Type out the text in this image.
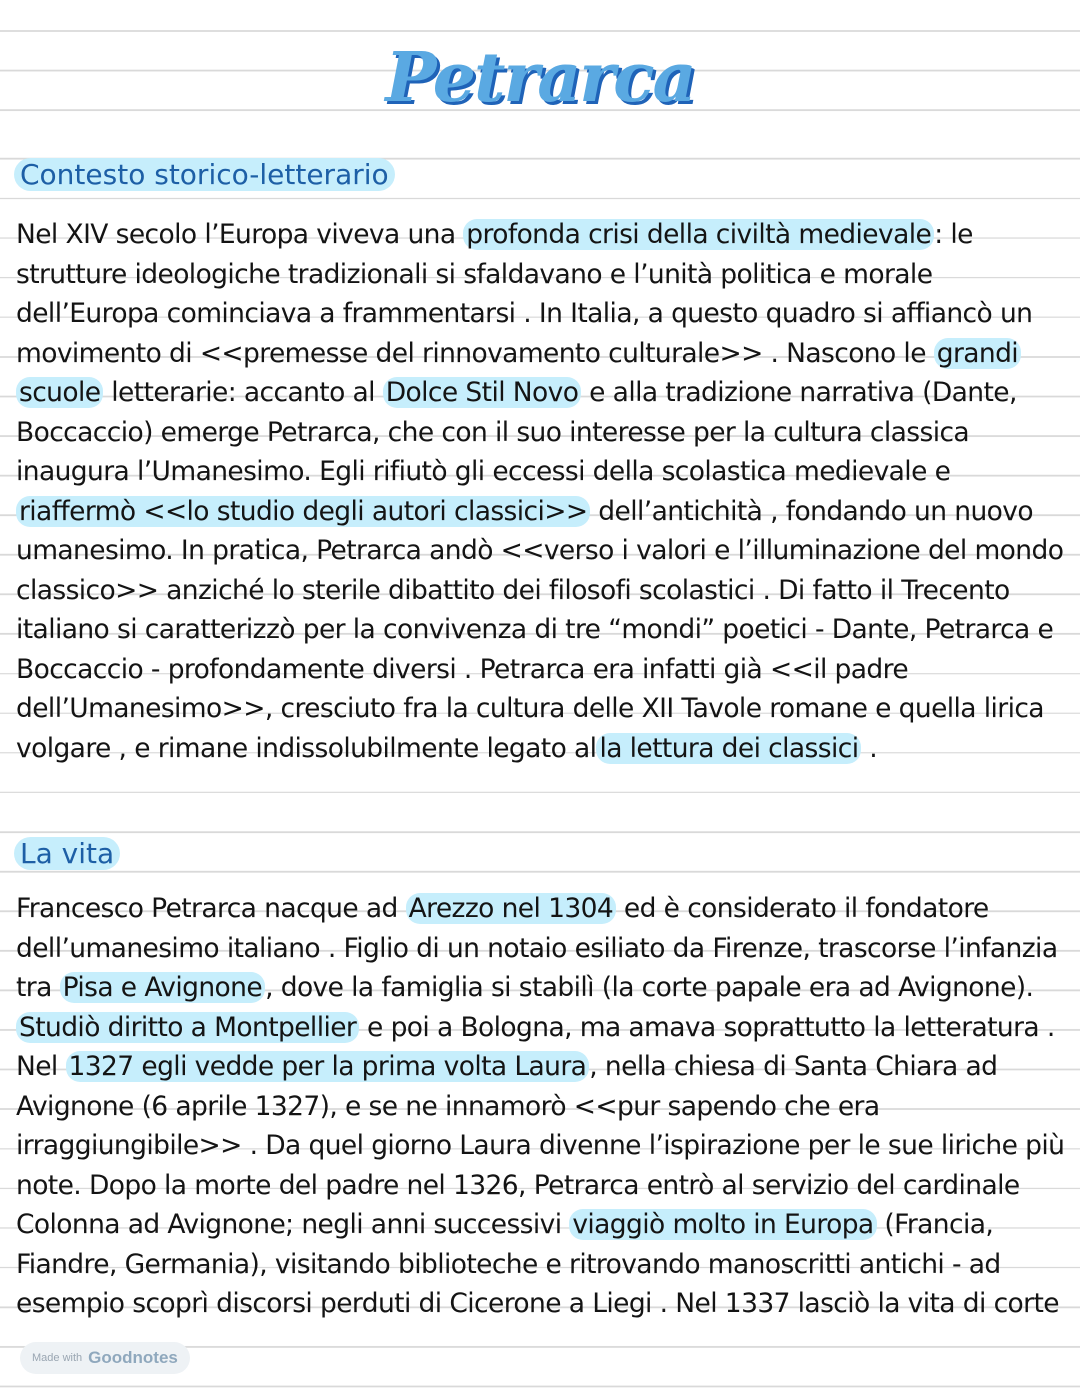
Petrarca
Contesto storico-letterario

Nel XIV secolo l’Europa viveva una profonda crisi della civiltà medievale : le strutture ideologiche tradizionali si sfaldavano e l’unità politica e morale dell’Europa cominciava a frammentarsi . In Italia, a questo quadro si affiancò un movimento di <<premesse del rinnovamento culturale>> . Nascono le grandi scuole letterarie: accanto al Dolce Stil Novo e alla tradizione narrativa (Dante, Boccaccio) emerge Petrarca, che con il suo interesse per la cultura classica inaugura l’Umanesimo. Egli rifiutò gli eccessi della scolastica medievale e riaffermò <<lo studio degli autori classici>> dell’antichità , fondando un nuovo umanesimo. In pratica, Petrarca andò <<verso i valori e l’illuminazione del mondo classico>> anziché lo sterile dibattito dei filosofi scolastici . Di fatto il Trecento italiano si caratterizzò per la convivenza di tre “mondi” poetici - Dante, Petrarca e Boccaccio - profondamente diversi . Petrarca era infatti già <<il padre dell’Umanesimo>>, cresciuto fra la cultura delle XII Tavole romane e quella lirica volgare , e rimane indissolubilmente legato al la lettura dei classici .

La vita

Francesco Petrarca nacque ad Arezzo nel 1304 ed è considerato il fondatore dell’umanesimo italiano . Figlio di un notaio esiliato da Firenze, trascorse l’infanzia tra Pisa e Avignone , dove la famiglia si stabilì (la corte papale era ad Avignone). Studiò diritto a Montpellier e poi a Bologna, ma amava soprattutto la letteratura . Nel 1327 egli vedde per la prima volta Laura , nella chiesa di Santa Chiara ad Avignone (6 aprile 1327), e se ne innamorò <<pur sapendo che era irraggiungibile>> . Da quel giorno Laura divenne l’ispirazione per le sue liriche più note. Dopo la morte del padre nel 1326, Petrarca entrò al servizio del cardinale Colonna ad Avignone; negli anni successivi viaggiò molto in Europa (Francia, Fiandre, Germania), visitando biblioteche e ritrovando manoscritti antichi - ad esempio scoprì discorsi perduti di Cicerone a Liegi . Nel 1337 lasciò la vita di corte

Made with Goodnotes
